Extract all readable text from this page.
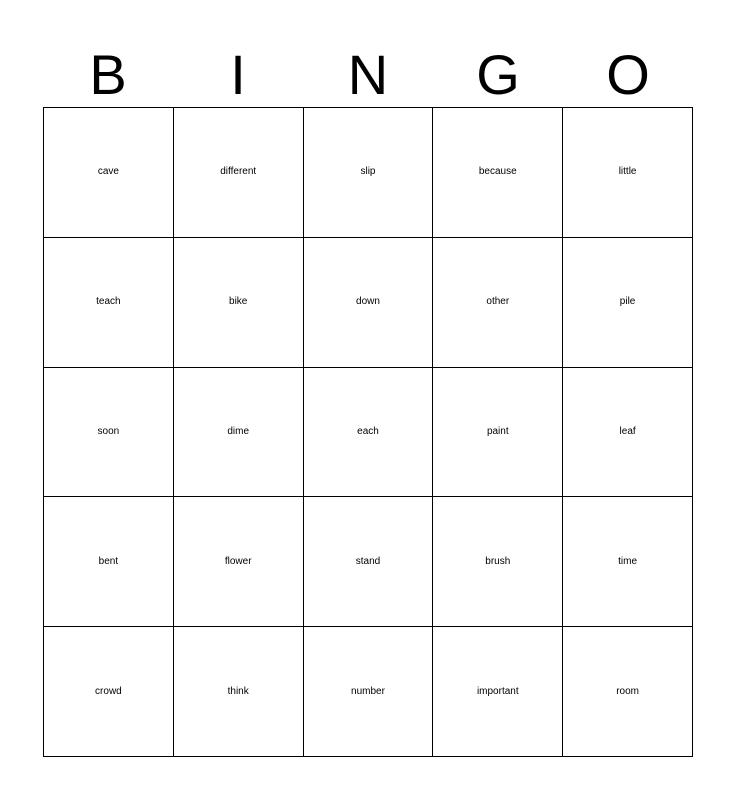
B	I	N	G	O
cave	different	slip	because	little
teach	bike	down	other	pile
soon	dime	each	paint	leaf
bent	flower	stand	brush	time
crowd	think	number	important	room
